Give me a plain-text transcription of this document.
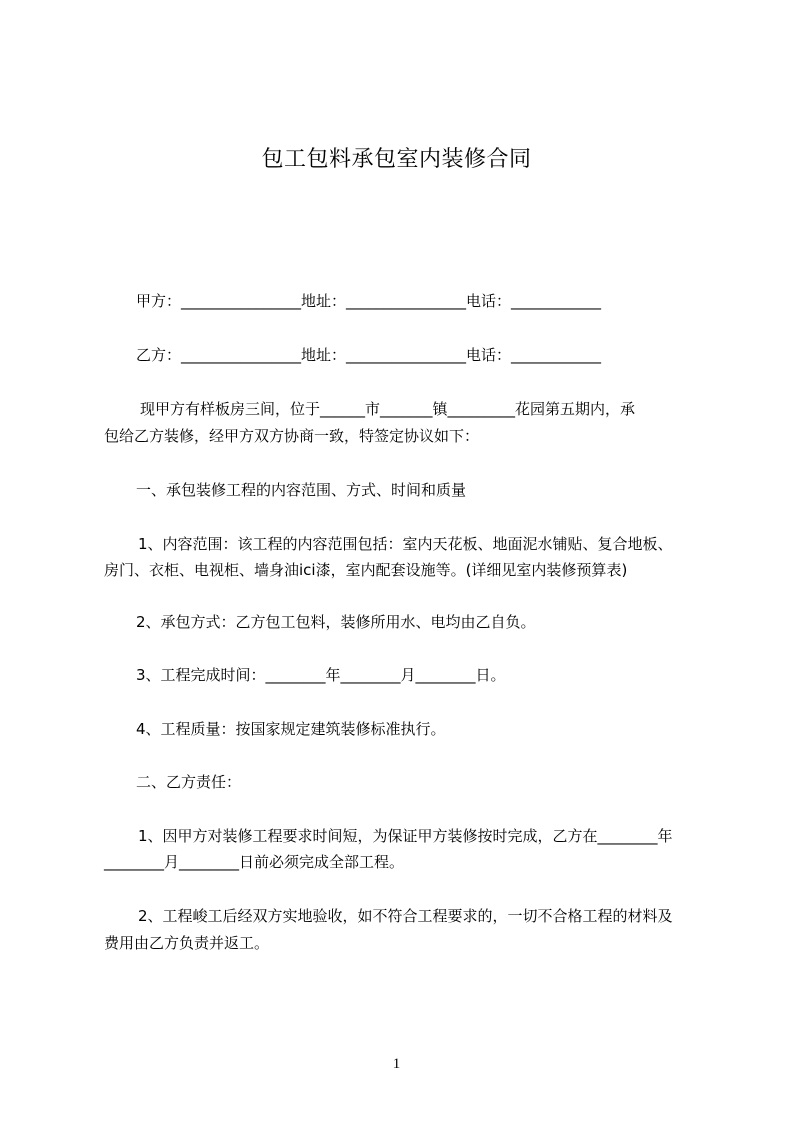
包工包料承包室内装修合同
甲方：________________地址：________________电话：____________
乙方：________________地址：________________电话：____________
现甲方有样板房三间，位于______市_______镇_________花园第五期内，承
包给乙方装修，经甲方双方协商一致，特签定协议如下：
一、承包装修工程的内容范围、方式、时间和质量
1、内容范围：该工程的内容范围包括：室内天花板、地面泥水铺贴、复合地板、
房门、衣柜、电视柜、墙身油ici漆，室内配套设施等。(详细见室内装修预算表)
2、承包方式：乙方包工包料，装修所用水、电均由乙自负。
3、工程完成时间：________年________月________日。
4、工程质量：按国家规定建筑装修标准执行。
二、乙方责任：
1、因甲方对装修工程要求时间短，为保证甲方装修按时完成，乙方在________年
________月________日前必须完成全部工程。
2、工程峻工后经双方实地验收，如不符合工程要求的，一切不合格工程的材料及
费用由乙方负责并返工。
1
